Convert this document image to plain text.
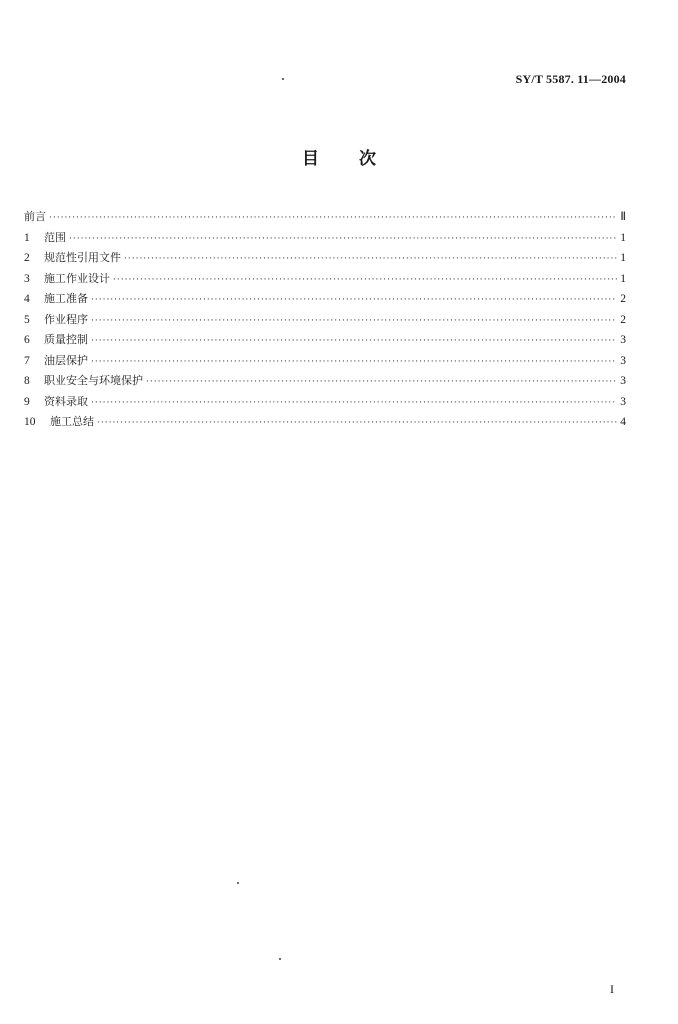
SY/T 5587. 11—2004
目 次
前言 ·····	Ⅱ
1	范围 ·····	1
2	规范性引用文件 ·····	1
3	施工作业设计 ·····	1
4	施工准备 ·····	2
5	作业程序 ·····	2
6	质量控制 ·····	3
7	油层保护 ·····	3
8	职业安全与环境保护 ·····	3
9	资料录取 ·····	3
10	施工总结 ·····	4
I
